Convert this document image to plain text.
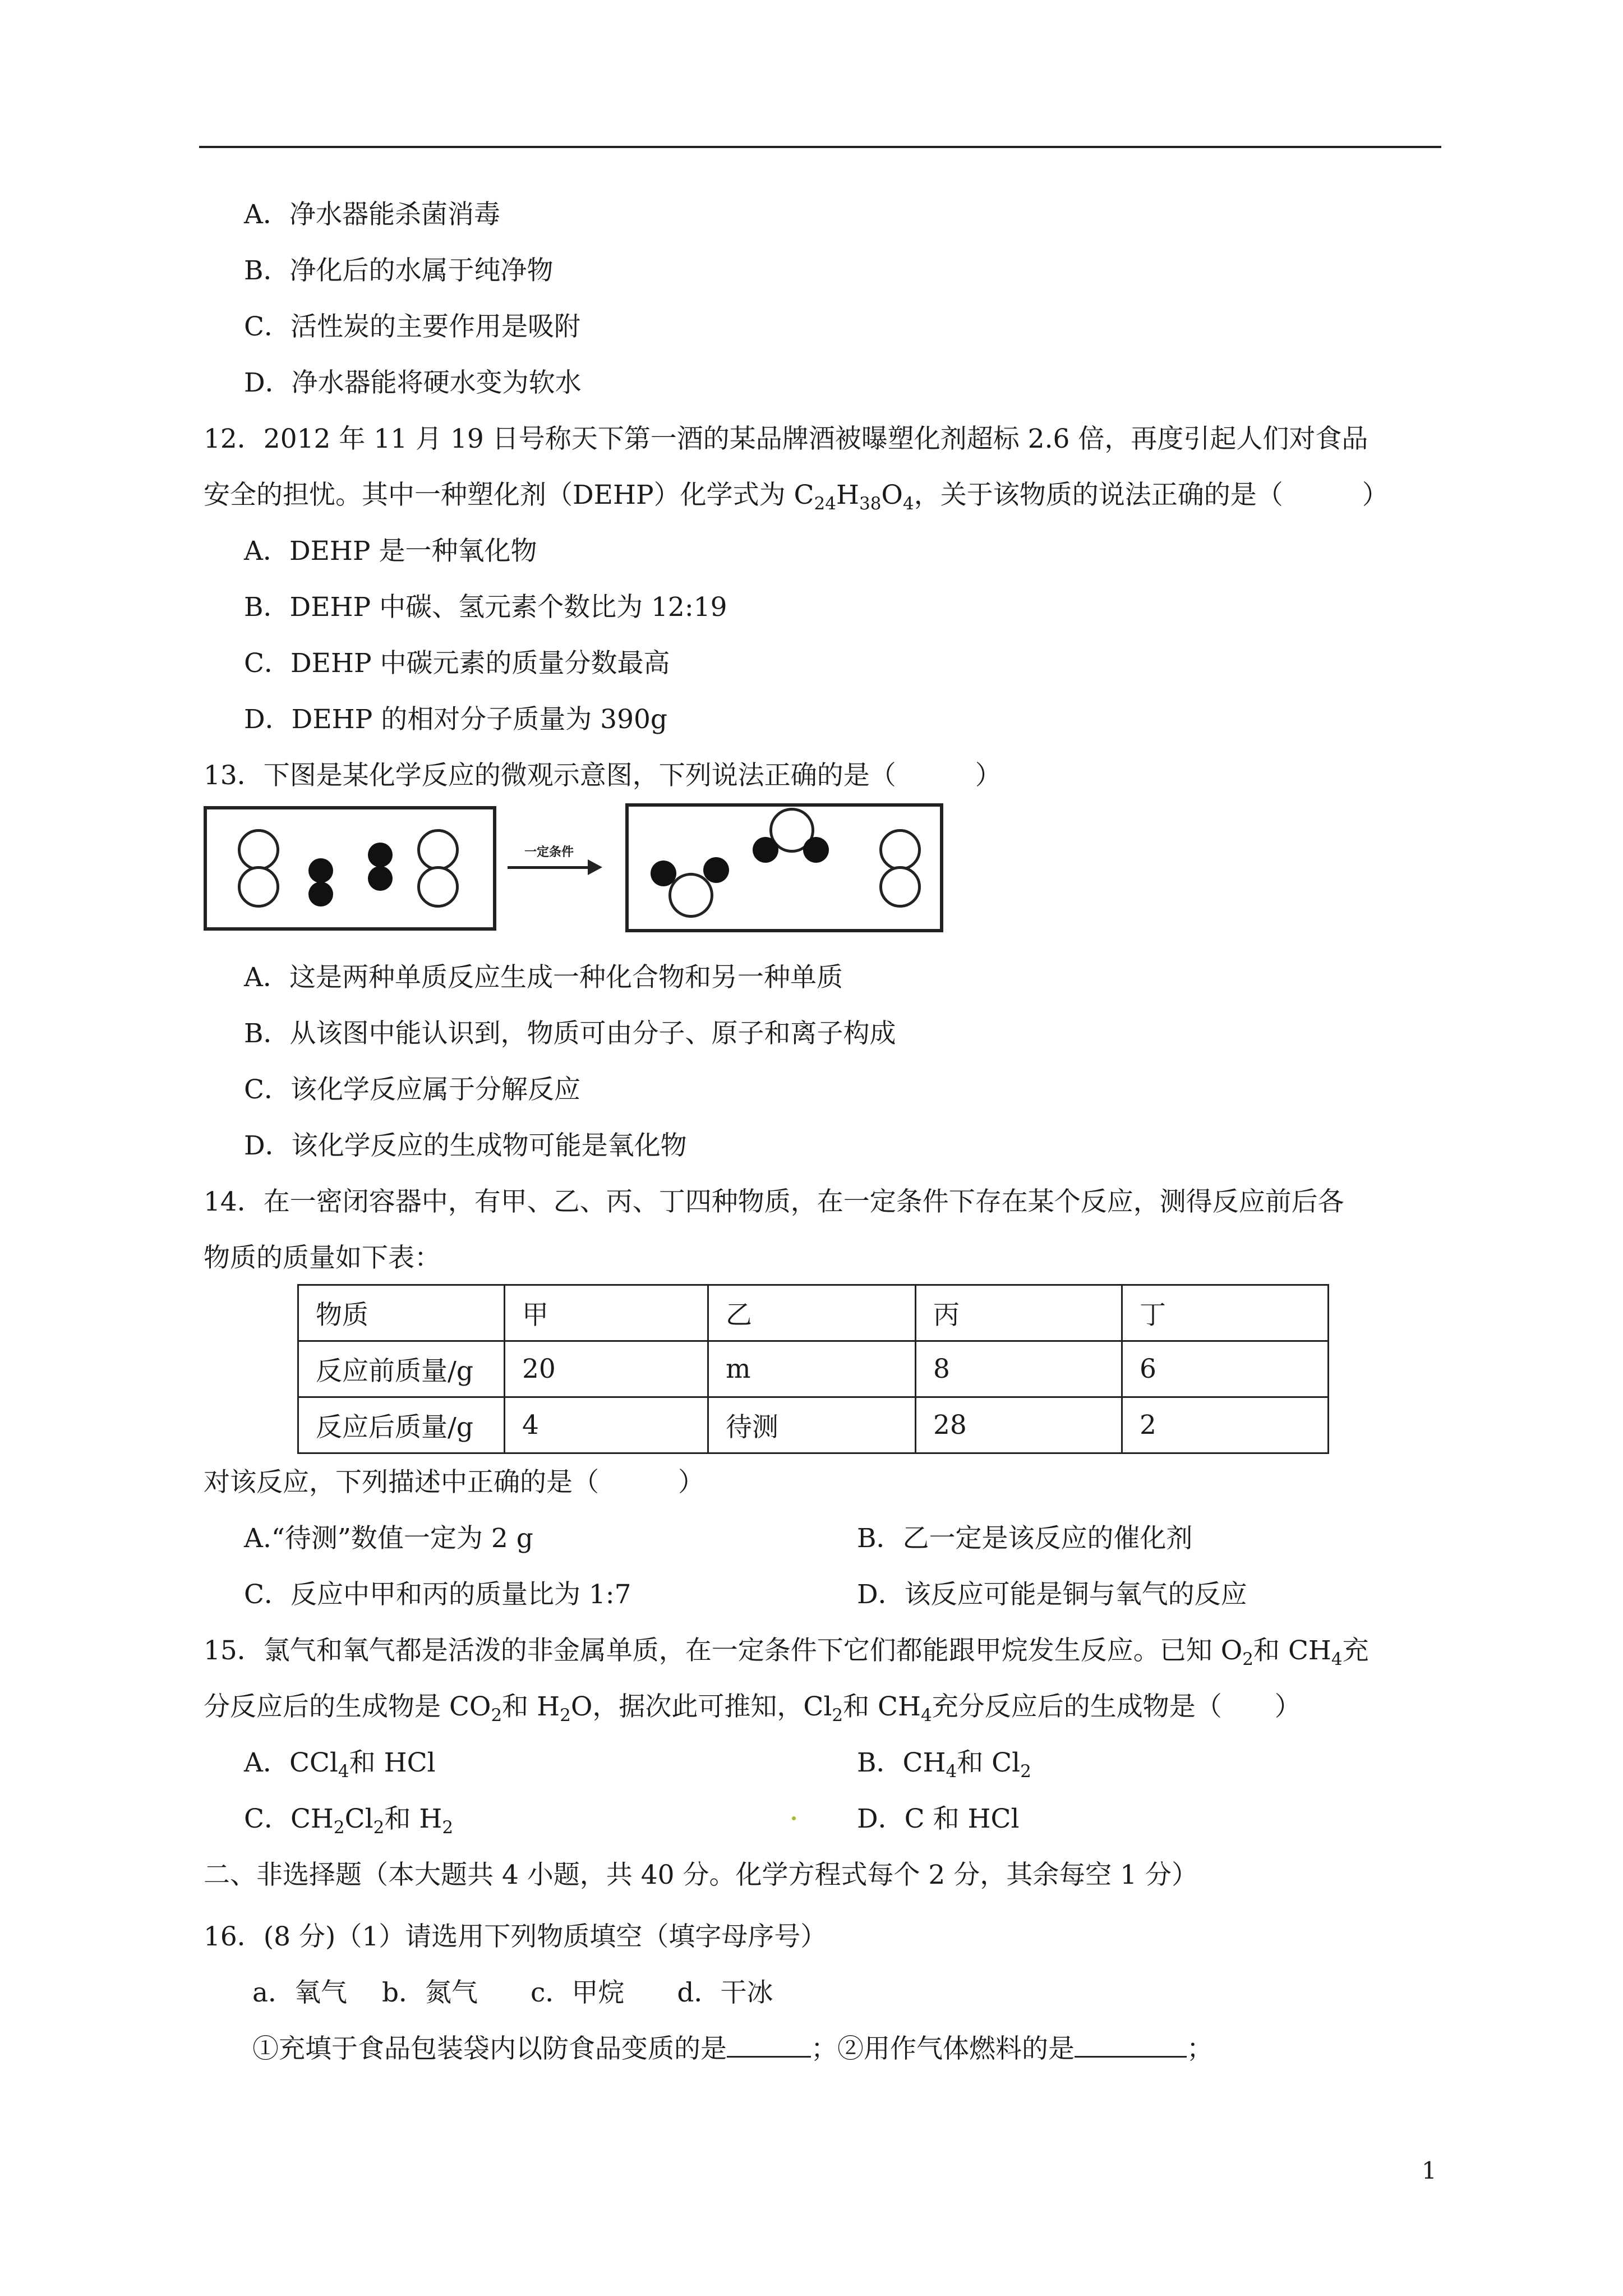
A．净水器能杀菌消毒
B．净化后的水属于纯净物
C．活性炭的主要作用是吸附
D．净水器能将硬水变为软水
12．2012 年 11 月 19 日号称天下第一酒的某品牌酒被曝塑化剂超标 2.6 倍，再度引起人们对食品
安全的担忧。其中一种塑化剂（DEHP）化学式为 $C_{24}H_{38}O_4$，关于该物质的说法正确的是（　　　）
A．DEHP 是一种氧化物
B．DEHP 中碳、氢元素个数比为 12:19
C．DEHP 中碳元素的质量分数最高
D．DEHP 的相对分子质量为 390g
13．下图是某化学反应的微观示意图，下列说法正确的是（　　　）
一定条件
A．这是两种单质反应生成一种化合物和另一种单质
B．从该图中能认识到，物质可由分子、原子和离子构成
C．该化学反应属于分解反应
D．该化学反应的生成物可能是氧化物
14．在一密闭容器中，有甲、乙、丙、丁四种物质，在一定条件下存在某个反应，测得反应前后各
物质的质量如下表：
物质	甲	乙	丙	丁
反应前质量/g	20	m	8	6
反应后质量/g	4	待测	28	2
对该反应，下列描述中正确的是（　　　）
A.“待测”数值一定为 2 g	B．乙一定是该反应的催化剂
C．反应中甲和丙的质量比为 1:7	D．该反应可能是铜与氧气的反应
15．氯气和氧气都是活泼的非金属单质，在一定条件下它们都能跟甲烷发生反应。已知 $O_2$和 $CH_4$充
分反应后的生成物是 $CO_2$和 $H_2O$，据次此可推知，$Cl_2$和 $CH_4$充分反应后的生成物是（　　）
A．CCl$_4$和 HCl	B．$CH_4$和 $Cl_2$
C．$CH_2Cl_2$和 $H_2$	D．C 和 HCl
二、非选择题（本大题共 4 小题，共 40 分。化学方程式每个 2 分，其余每空 1 分）
16．(8 分)（1）请选用下列物质填空（填字母序号）
a．氧气　 b．氮气　　c．甲烷　　d．干冰
①充填于食品包装袋内以防食品变质的是	；②用作气体燃料的是	；
1
